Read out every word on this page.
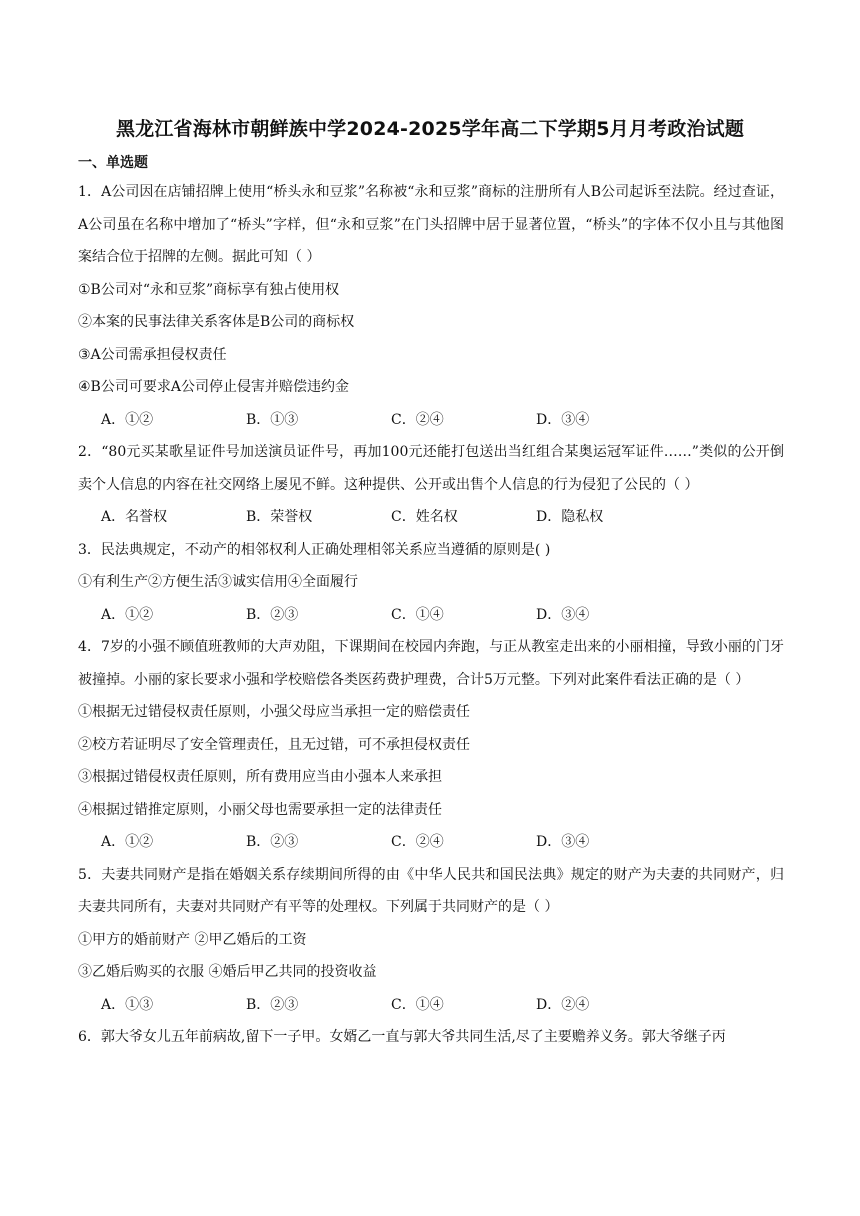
黑龙江省海林市朝鲜族中学2024-2025学年高二下学期5月月考政治试题
一、单选题

1．A公司因在店铺招牌上使用“桥头永和豆浆”名称被“永和豆浆”商标的注册所有人B公司起诉至法院。经过查证，A公司虽在名称中增加了“桥头”字样，但“永和豆浆”在门头招牌中居于显著位置，“桥头”的字体不仅小且与其他图案结合位于招牌的左侧。据此可知（ ）

①B公司对“永和豆浆”商标享有独占使用权

②本案的民事法律关系客体是B公司的商标权

③A公司需承担侵权责任

④B公司可要求A公司停止侵害并赔偿违约金

A．①②	B．①③	C．②④	D．③④

2．“80元买某歌星证件号加送演员证件号，再加100元还能打包送出当红组合某奥运冠军证件……”类似的公开倒卖个人信息的内容在社交网络上屡见不鲜。这种提供、公开或出售个人信息的行为侵犯了公民的（ ）

A．名誉权	B．荣誉权	C．姓名权	D．隐私权

3．民法典规定，不动产的相邻权利人正确处理相邻关系应当遵循的原则是( )

①有利生产②方便生活③诚实信用④全面履行

A．①②	B．②③	C．①④	D．③④

4．7岁的小强不顾值班教师的大声劝阻，下课期间在校园内奔跑，与正从教室走出来的小丽相撞，导致小丽的门牙被撞掉。小丽的家长要求小强和学校赔偿各类医药费护理费，合计5万元整。下列对此案件看法正确的是（ ）

①根据无过错侵权责任原则，小强父母应当承担一定的赔偿责任

②校方若证明尽了安全管理责任，且无过错，可不承担侵权责任

③根据过错侵权责任原则，所有费用应当由小强本人来承担

④根据过错推定原则，小丽父母也需要承担一定的法律责任

A．①②	B．②③	C．②④	D．③④

5．夫妻共同财产是指在婚姻关系存续期间所得的由《中华人民共和国民法典》规定的财产为夫妻的共同财产，归夫妻共同所有，夫妻对共同财产有平等的处理权。下列属于共同财产的是（ ）

①甲方的婚前财产 ②甲乙婚后的工资

③乙婚后购买的衣服 ④婚后甲乙共同的投资收益

A．①③	B．②③	C．①④	D．②④

6．郭大爷女儿五年前病故,留下一子甲。女婿乙一直与郭大爷共同生活,尽了主要赡养义务。郭大爷继子丙
